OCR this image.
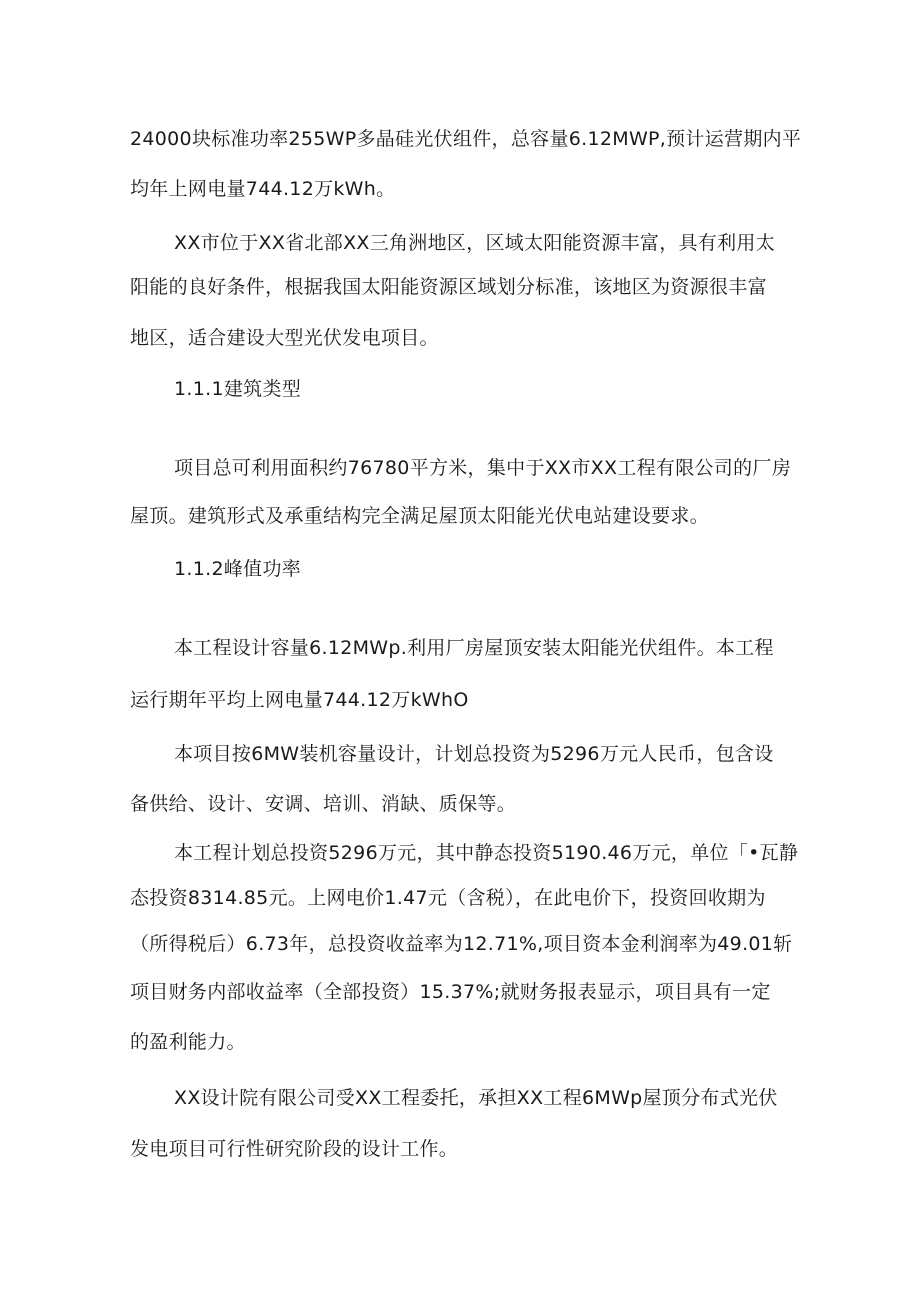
24000块标准功率255WP多晶硅光伏组件，总容量6.12MWP,预计运营期内平
均年上网电量744.12万kWh。
XX市位于XX省北部XX三角洲地区，区域太阳能资源丰富，具有利用太
阳能的良好条件，根据我国太阳能资源区域划分标准，该地区为资源很丰富
地区，适合建设大型光伏发电项目。
1.1.1建筑类型
项目总可利用面积约76780平方米，集中于XX市XX工程有限公司的厂房
屋顶。建筑形式及承重结构完全满足屋顶太阳能光伏电站建设要求。
1.1.2峰值功率
本工程设计容量6.12MWp.利用厂房屋顶安装太阳能光伏组件。本工程
运行期年平均上网电量744.12万kWhO
本项目按6MW装机容量设计，计划总投资为5296万元人民币，包含设
备供给、设计、安调、培训、消缺、质保等。
本工程计划总投资5296万元，其中静态投资5190.46万元，单位「•瓦静
态投资8314.85元。上网电价1.47元（含税），在此电价下，投资回收期为
（所得税后）6.73年，总投资收益率为12.71%,项目资本金利润率为49.01斩
项目财务内部收益率（全部投资）15.37%;就财务报表显示，项目具有一定
的盈利能力。
XX设计院有限公司受XX工程委托，承担XX工程6MWp屋顶分布式光伏
发电项目可行性研究阶段的设计工作。
